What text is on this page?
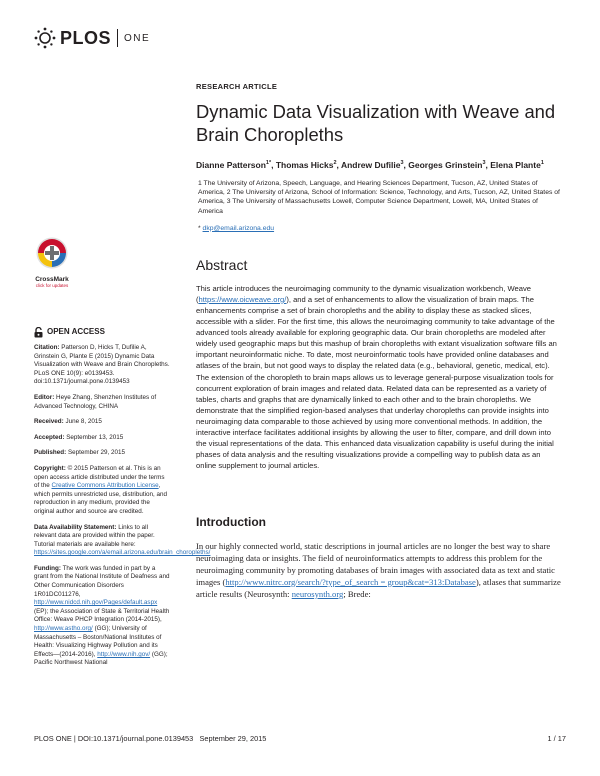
PLOS ONE
CrossMark
click for updates
OPEN ACCESS
Citation: Patterson D, Hicks T, Dufilie A, Grinstein G, Plante E (2015) Dynamic Data Visualization with Weave and Brain Choropleths. PLoS ONE 10(9): e0139453. doi:10.1371/journal.pone.0139453
Editor: Heye Zhang, Shenzhen Institutes of Advanced Technology, CHINA
Received: June 8, 2015
Accepted: September 13, 2015
Published: September 29, 2015
Copyright: © 2015 Patterson et al. This is an open access article distributed under the terms of the Creative Commons Attribution License, which permits unrestricted use, distribution, and reproduction in any medium, provided the original author and source are credited.
Data Availability Statement: Links to all relevant data are provided within the paper. Tutorial materials are available here: https://sites.google.com/a/email.arizona.edu/brain_choropleths/
Funding: The work was funded in part by a grant from the National Institute of Deafness and Other Communication Disorders 1R01DC011276, http://www.nidcd.nih.gov/Pages/default.aspx (EP); the Association of State & Territorial Health Office: Weave PHCP Integration (2014-2015), http://www.astho.org/ (GG); University of Massachusetts – Boston/National Institutes of Health: Visualizing Highway Pollution and its Effects—(2014-2016), http://www.nih.gov/ (GG); Pacific Northwest National
RESEARCH ARTICLE
Dynamic Data Visualization with Weave and Brain Choropleths
Dianne Patterson$^{1*}$, Thomas Hicks$^2$, Andrew Dufilie$^3$, Georges Grinstein$^3$, Elena Plante$^1$
1 The University of Arizona, Speech, Language, and Hearing Sciences Department, Tucson, AZ, United States of America, 2 The University of Arizona, School of Information: Science, Technology, and Arts, Tucson, AZ, United States of America, 3 The University of Massachusetts Lowell, Computer Science Department, Lowell, MA, United States of America
* dkp@email.arizona.edu
Abstract
This article introduces the neuroimaging community to the dynamic visualization workbench, Weave (https://www.oicweave.org/), and a set of enhancements to allow the visualization of brain maps. The enhancements comprise a set of brain choropleths and the ability to display these as stacked slices, accessible with a slider. For the first time, this allows the neuroimaging community to take advantage of the advanced tools already available for exploring geographic data. Our brain choropleths are modeled after widely used geographic maps but this mashup of brain choropleths with extant visualization software fills an important neuroinformatic niche. To date, most neuroinformatic tools have provided online databases and atlases of the brain, but not good ways to display the related data (e.g., behavioral, genetic, medical, etc). The extension of the choropleth to brain maps allows us to leverage general-purpose visualization tools for concurrent exploration of brain images and related data. Related data can be represented as a variety of tables, charts and graphs that are dynamically linked to each other and to the brain choropleths. We demonstrate that the simplified region-based analyses that underlay choropleths can provide insights into neuroimaging data comparable to those achieved by using more conventional methods. In addition, the interactive interface facilitates additional insights by allowing the user to filter, compare, and drill down into the visual representations of the data. This enhanced data visualization capability is useful during the initial phases of data analysis and the resulting visualizations provide a compelling way to publish data as an online supplement to journal articles.
Introduction
In our highly connected world, static descriptions in journal articles are no longer the best way to share neuroimaging data or insights. The field of neuroinformatics attempts to address this problem for the neuroimaging community by promoting databases of brain images with associated data as text and static images (http://www.nitrc.org/search/?type_of_search = group&cat=313:Database), atlases that summarize article results (Neurosynth: neurosynth.org; Brede:
PLOS ONE | DOI:10.1371/journal.pone.0139453   September 29, 2015	1 / 17
